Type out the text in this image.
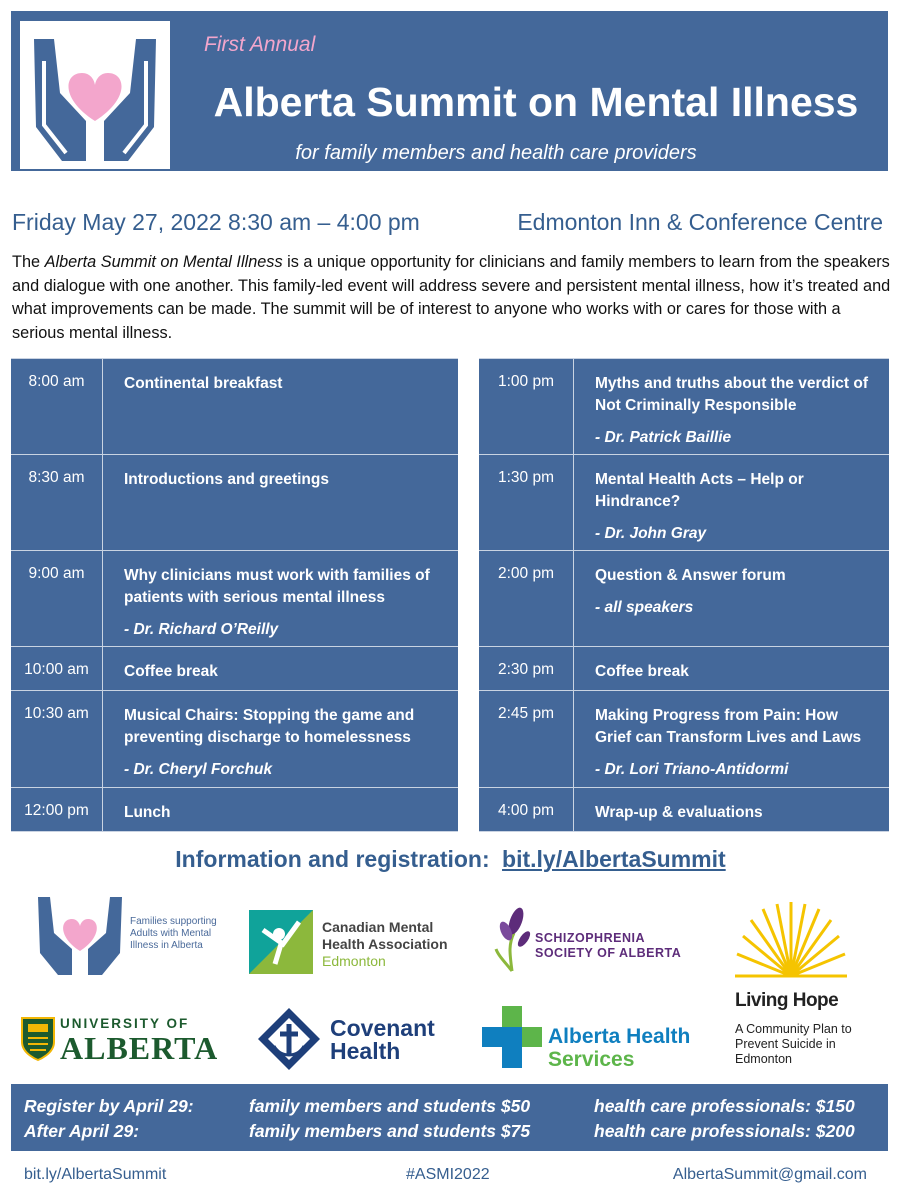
First Annual
Alberta Summit on Mental Illness
for family members and health care providers
Friday May 27, 2022 8:30 am – 4:00 pm	Edmonton Inn & Conference Centre

The Alberta Summit on Mental Illness is a unique opportunity for clinicians and family members to learn from the speakers and dialogue with one another. This family-led event will address severe and persistent mental illness, how it’s treated and what improvements can be made. The summit will be of interest to anyone who works with or cares for those with a serious mental illness.

8:00 am	Continental breakfast
8:30 am	Introductions and greetings
9:00 am	Why clinicians must work with families of patients with serious mental illness
- Dr. Richard O’Reilly
10:00 am	Coffee break
10:30 am	Musical Chairs: Stopping the game and preventing discharge to homelessness
- Dr. Cheryl Forchuk
12:00 pm	Lunch
1:00 pm	Myths and truths about the verdict of Not Criminally Responsible
- Dr. Patrick Baillie
1:30 pm	Mental Health Acts – Help or Hindrance?
- Dr. John Gray
2:00 pm	Question & Answer forum
- all speakers
2:30 pm	Coffee break
2:45 pm	Making Progress from Pain: How Grief can Transform Lives and Laws
- Dr. Lori Triano-Antidormi
4:00 pm	Wrap-up & evaluations
Information and registration: bit.ly/AlbertaSummit
Families supporting Adults with Mental Illness in Alberta
Canadian Mental
Health Association
Edmonton
SCHIZOPHRENIA
SOCIETY OF ALBERTA
Living Hope
A Community Plan to Prevent Suicide in Edmonton
UNIVERSITY OF
ALBERTA
Covenant
Health
Alberta Health
Services
Register by April 29:	family members and students $50	health care professionals: $150
After April 29:	family members and students $75	health care professionals: $200
bit.ly/AlbertaSummit	#ASMI2022	AlbertaSummit@gmail.com
